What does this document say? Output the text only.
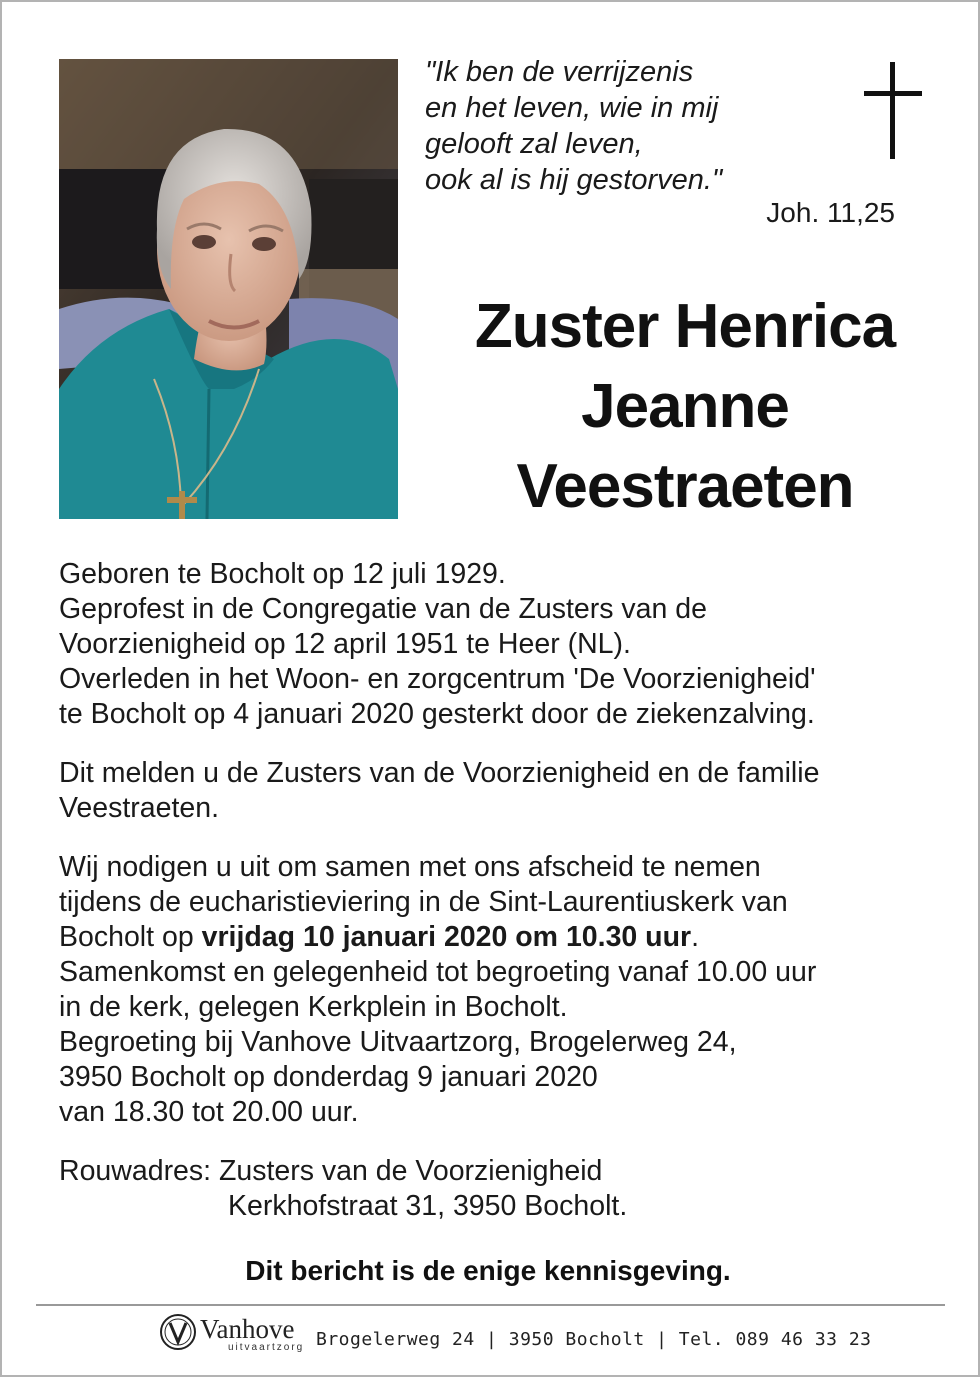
"Ik ben de verrijzenis
en het leven, wie in mij
gelooft zal leven,
ook al is hij gestorven."
Joh. 11,25
Zuster Henrica
Jeanne
Veestraeten
Geboren te Bocholt op 12 juli 1929.
Geprofest in de Congregatie van de Zusters van de
Voorzienigheid op 12 april 1951 te Heer (NL).
Overleden in het Woon- en zorgcentrum 'De Voorzienigheid'
te Bocholt op 4 januari 2020 gesterkt door de ziekenzalving.
Dit melden u de Zusters van de Voorzienigheid en de familie
Veestraeten.
Wij nodigen u uit om samen met ons afscheid te nemen
tijdens de eucharistieviering in de Sint-Laurentiuskerk van
Bocholt op vrijdag 10 januari 2020 om 10.30 uur.
Samenkomst en gelegenheid tot begroeting vanaf 10.00 uur
in de kerk, gelegen Kerkplein in Bocholt.
Begroeting bij Vanhove Uitvaartzorg, Brogelerweg 24,
3950 Bocholt op donderdag 9 januari 2020
van 18.30 tot 20.00 uur.
Rouwadres: Zusters van de Voorzienigheid
Kerkhofstraat 31, 3950 Bocholt.
Dit bericht is de enige kennisgeving.
Vanhove
uitvaartzorg Brogelerweg 24 | 3950 Bocholt | Tel. 089 46 33 23
